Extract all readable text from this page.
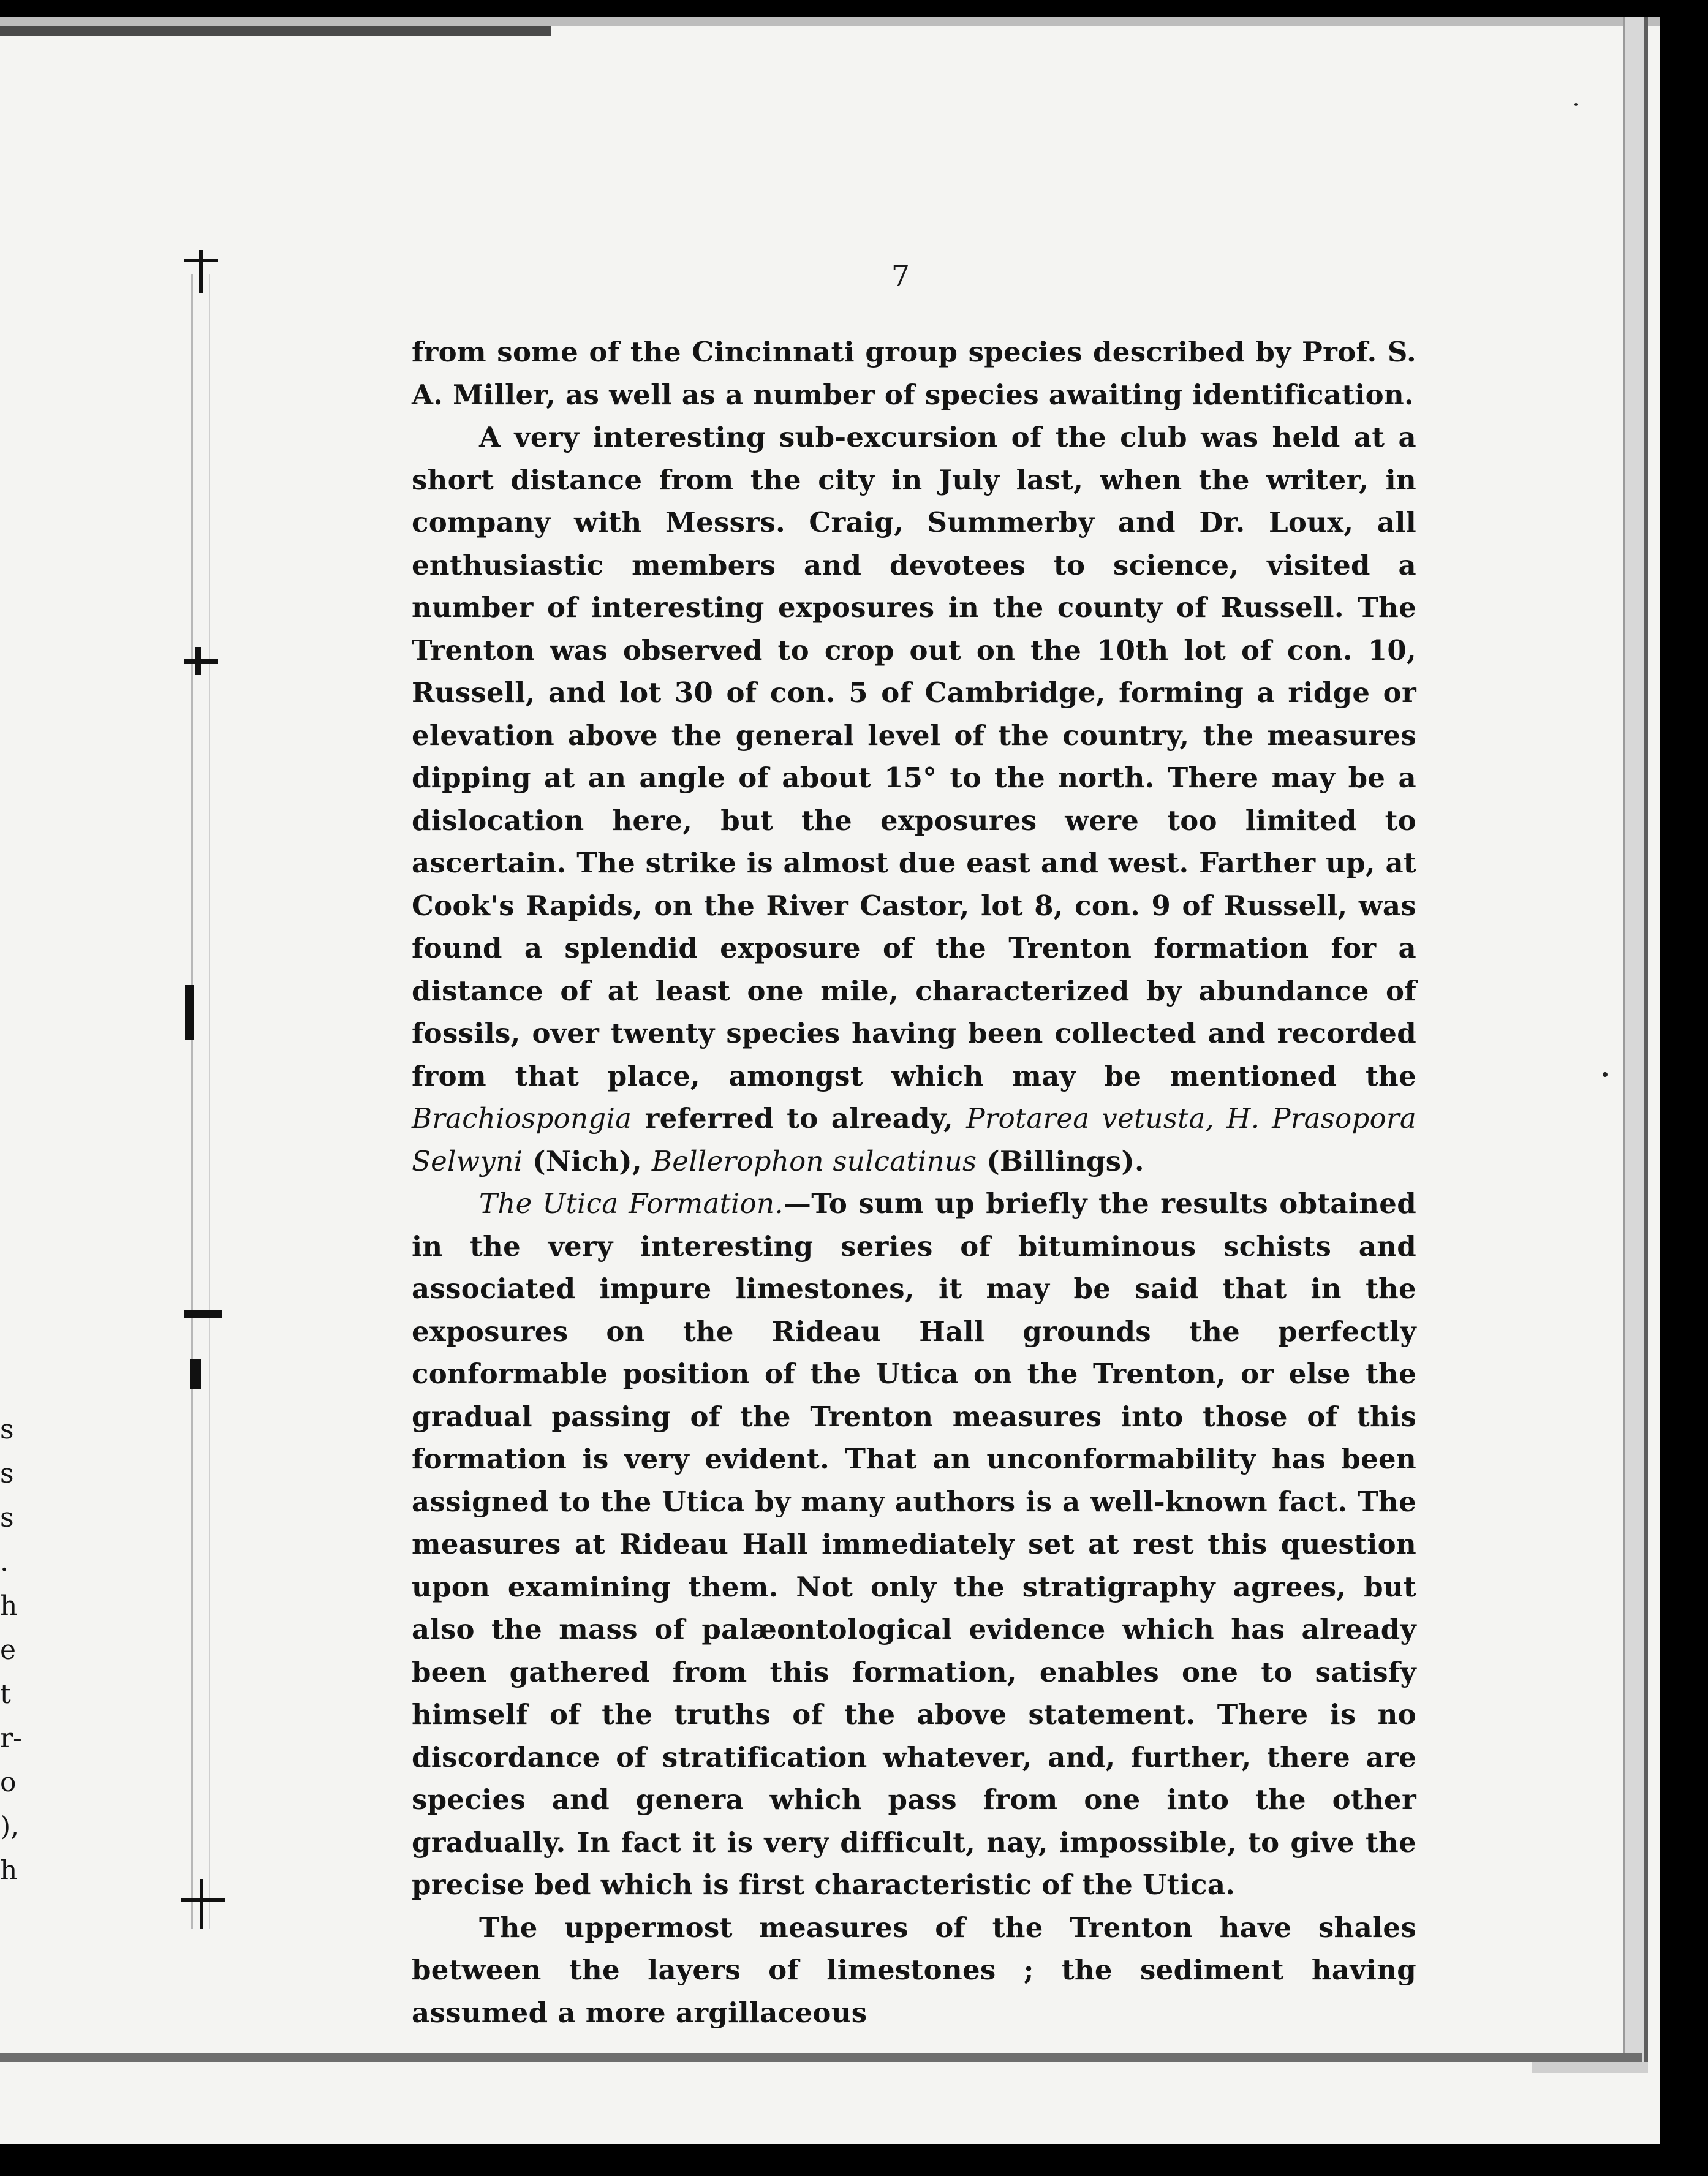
7

from some of the Cincinnati group species described by Prof. S. A. Miller, as well as a number of species awaiting identification.

A very interesting sub-excursion of the club was held at a short distance from the city in July last, when the writer, in company with Messrs. Craig, Summerby and Dr. Loux, all enthusiastic members and devotees to science, visited a number of interesting exposures in the county of Russell. The Trenton was observed to crop out on the 10th lot of con. 10, Russell, and lot 30 of con. 5 of Cambridge, forming a ridge or elevation above the general level of the country, the measures dipping at an angle of about 15° to the north. There may be a dislocation here, but the exposures were too limited to ascertain. The strike is almost due east and west. Farther up, at Cook's Rapids, on the River Castor, lot 8, con. 9 of Russell, was found a splendid exposure of the Trenton formation for a distance of at least one mile, characterized by abundance of fossils, over twenty species having been collected and recorded from that place, amongst which may be mentioned the Brachiospongia referred to already, Protarea vetusta, H. Prasopora Selwyni (Nich), Bellerophon sulcatinus (Billings).

The Utica Formation.—To sum up briefly the results obtained in the very interesting series of bituminous schists and associated impure limestones, it may be said that in the exposures on the Rideau Hall grounds the perfectly conformable position of the Utica on the Trenton, or else the gradual passing of the Trenton measures into those of this formation is very evident. That an unconformability has been assigned to the Utica by many authors is a well-known fact. The measures at Rideau Hall immediately set at rest this question upon examining them. Not only the stratigraphy agrees, but also the mass of palæontological evidence which has already been gathered from this formation, enables one to satisfy himself of the truths of the above statement. There is no discordance of stratification whatever, and, further, there are species and genera which pass from one into the other gradually. In fact it is very difficult, nay, impossible, to give the precise bed which is first characteristic of the Utica.

The uppermost measures of the Trenton have shales between the layers of limestones ; the sediment having assumed a more argillaceous

s
s
s
.
h
e
t
r-
o
),
h
